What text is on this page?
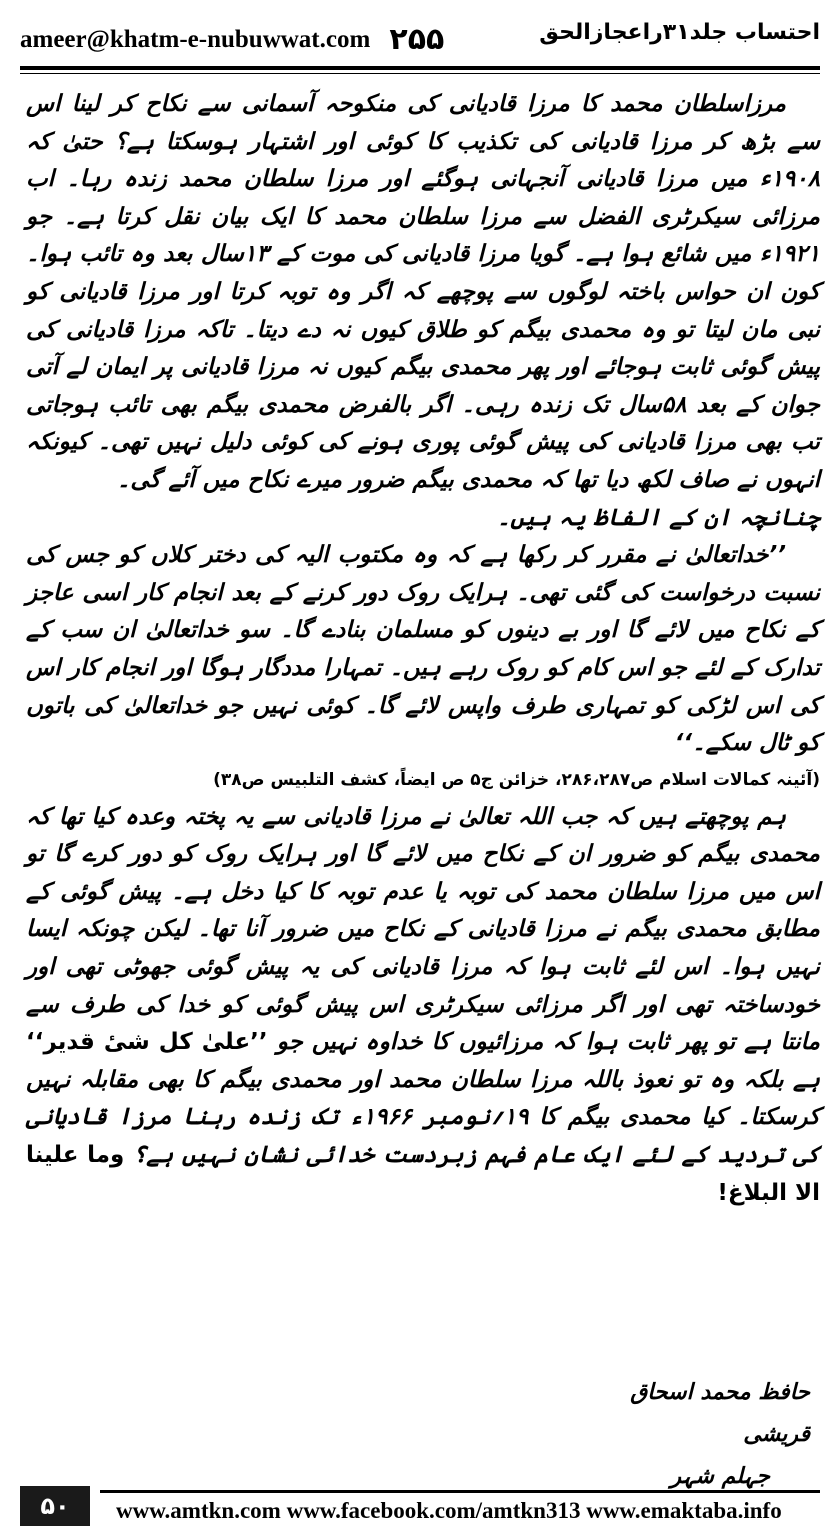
ameer@khatm-e-nubuwwat.com ۲۵۵	احتساب جلد۳۱راعجازالحق

مرزاسلطان محمد کا مرزا قادیانی کی منکوحہ آسمانی سے نکاح کر لینا اس سے بڑھ کر مرزا قادیانی کی تکذیب کا کوئی اور اشتہار ہوسکتا ہے؟ حتیٰ کہ ۱۹۰۸ء میں مرزا قادیانی آنجہانی ہوگئے اور مرزا سلطان محمد زندہ رہا۔ اب مرزائی سیکرٹری الفضل سے مرزا سلطان محمد کا ایک بیان نقل کرتا ہے۔ جو ۱۹۲۱ء میں شائع ہوا ہے۔ گویا مرزا قادیانی کی موت کے ۱۳سال بعد وہ تائب ہوا۔ کون ان حواس باختہ لوگوں سے پوچھے کہ اگر وہ توبہ کرتا اور مرزا قادیانی کو نبی مان لیتا تو وہ محمدی بیگم کو طلاق کیوں نہ دے دیتا۔ تاکہ مرزا قادیانی کی پیش گوئی ثابت ہوجائے اور پھر محمدی بیگم کیوں نہ مرزا قادیانی پر ایمان لے آتی جوان کے بعد ۵۸سال تک زندہ رہی۔ اگر بالفرض محمدی بیگم بھی تائب ہوجاتی تب بھی مرزا قادیانی کی پیش گوئی پوری ہونے کی کوئی دلیل نہیں تھی۔ کیونکہ انہوں نے صاف لکھ دیا تھا کہ محمدی بیگم ضرور میرے نکاح میں آئے گی۔

چنانچہ ان کے الفاظ یہ ہیں۔

’’خداتعالیٰ نے مقرر کر رکھا ہے کہ وہ مکتوب الیہ کی دختر کلاں کو جس کی نسبت درخواست کی گئی تھی۔ ہرایک روک دور کرنے کے بعد انجام کار اسی عاجز کے نکاح میں لائے گا اور بے دینوں کو مسلمان بنادے گا۔ سو خداتعالیٰ ان سب کے تدارک کے لئے جو اس کام کو روک رہے ہیں۔ تمہارا مددگار ہوگا اور انجام کار اس کی اس لڑکی کو تمہاری طرف واپس لائے گا۔ کوئی نہیں جو خداتعالیٰ کی باتوں کو ٹال سکے۔‘‘

(آئینہ کمالات اسلام ص۲۸۶،۲۸۷، خزائن ج۵ ص ایضاً، کشف التلبیس ص۳۸)

ہم پوچھتے ہیں کہ جب اللہ تعالیٰ نے مرزا قادیانی سے یہ پختہ وعدہ کیا تھا کہ محمدی بیگم کو ضرور ان کے نکاح میں لائے گا اور ہرایک روک کو دور کرے گا تو اس میں مرزا سلطان محمد کی توبہ یا عدم توبہ کا کیا دخل ہے۔ پیش گوئی کے مطابق محمدی بیگم نے مرزا قادیانی کے نکاح میں ضرور آنا تھا۔ لیکن چونکہ ایسا نہیں ہوا۔ اس لئے ثابت ہوا کہ مرزا قادیانی کی یہ پیش گوئی جھوٹی تھی اور خودساختہ تھی اور اگر مرزائی سیکرٹری اس پیش گوئی کو خدا کی طرف سے مانتا ہے تو پھر ثابت ہوا کہ مرزائیوں کا خداوہ نہیں جو ’’علیٰ کل شیٔ قدیر‘‘ ہے بلکہ وہ تو نعوذ باللہ مرزا سلطان محمد اور محمدی بیگم کا بھی مقابلہ نہیں کرسکتا۔ کیا محمدی بیگم کا ۱۹؍نومبر ۱۹۶۶ء تک زندہ رہنا مرزا قادیانی کی تردید کے لئے ایک عام فہم زبردست خدائی نشان نہیں ہے؟ وما علینا الا البلاغ!

حافظ محمد اسحاق قریشی
جہلم شہر
۵۰	www.amtkn.com www.facebook.com/amtkn313 www.emaktaba.info
